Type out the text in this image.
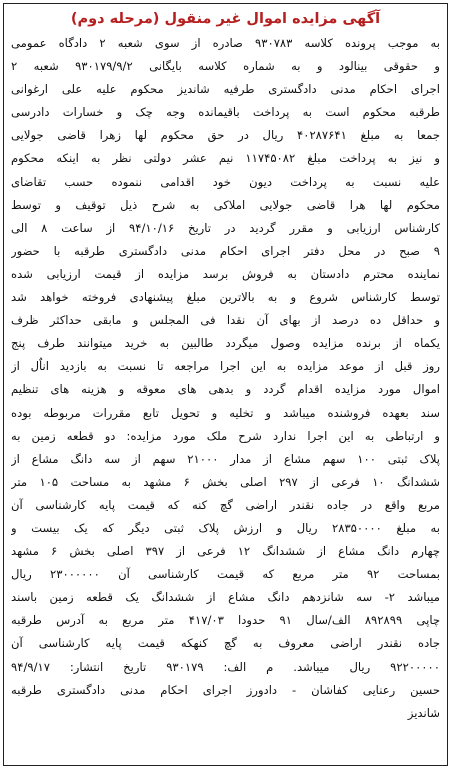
آگهی مزایده اموال غیر منقول (مرحله دوم)
به موجب پرونده کلاسه ۹۳۰۷۸۳ صادره از سوی شعبه ۲ دادگاه عمومی
و حقوقی بینالود و به شماره کلاسه بایگانی ۹۳۰۱۷۹/۹/۲ شعبه ۲
اجرای احکام مدنی دادگستری طرفیه شاندیز محکوم علیه علی ارغوانی
طرقبه محکوم است به پرداخت باقیمانده وجه چک و خسارات دادرسی
جمعا به مبلغ ۴۰۲۸۷۶۴۱ ریال در حق محکوم لها زهرا قاضی جولایی
و نیز به پرداخت مبلغ ۱۱۷۴۵۰۸۲ نیم عشر دولتی نظر به اینکه محکوم
علیه نسبت به پرداخت دیون خود اقدامی ننموده حسب تقاضای
محکوم لها هرا قاضی جولایی املاکی به شرح ذیل توقیف و توسط
کارشناس ارزیابی و مقرر گردید در تاریخ ۹۴/۱۰/۱۶ از ساعت ۸ الی
۹ صبح در محل دفتر اجرای احکام مدنی دادگستری طرقبه با حضور
نماینده محترم دادستان به فروش برسد مزایده از قیمت ارزیابی شده
توسط کارشناس شروع و به بالاترین مبلغ پیشنهادی فروخته خواهد شد
و حداقل ده درصد از بهای آن نقدا فی المجلس و مابقی حداکثر ظرف
یکماه از برنده مزایده وصول میگردد طالبین به خرید میتوانند طرف پنج
روز قبل از موعد مزایده به این اجرا مراجعه تا نسبت به بازدید اناٌل از
اموال مورد مزایده اقدام گردد و بدهی های معوقه و هزینه های تنظیم
سند بعهده فروشنده میباشد و تخلیه و تحویل تابع مقررات مربوطه بوده
و ارتباطی به این اجرا ندارد شرح ملک مورد مزایده: دو قطعه زمین به
پلاک ثبتی ۱۰۰ سهم مشاع از مدار ۲۱۰۰۰ سهم از سه دانگ مشاع از
ششدانگ ۱۰ فرعی از ۲۹۷ اصلی بخش ۶ مشهد به مساحت ۱۰۵ متر
مربع واقع در جاده نقندر اراضی گچ کنه که قیمت پایه کارشناسی آن
به مبلغ ۲۸۳۵۰۰۰۰ ریال و ارزش پلاک ثبتی دیگر که یک بیست و
چهارم دانگ مشاع از ششدانگ ۱۲ فرعی از ۳۹۷ اصلی بخش ۶ مشهد
بمساحت ۹۲ متر مربع که قیمت کارشناسی آن ۲۳۰۰۰۰۰۰ ریال
میباشد ۲- سه شانزدهم دانگ مشاع از ششدانگ یک قطعه زمین باسند
چاپی ۸۹۲۸۹۹ الف/سال ۹۱ حدودا ۴۱۷/۰۳ متر مربع به آدرس طرقبه
جاده نقندر اراضی معروف به گچ کنهکه قیمت پایه کارشناسی آن
۹۲۲۰۰۰۰۰ ریال میباشد. م الف: ۹۳۰۱۷۹ تاریخ انتشار: ۹۴/۹/۱۷
حسین رعنایی کفاشان - دادورز اجرای احکام مدنی دادگستری طرقبه
شاندیز
